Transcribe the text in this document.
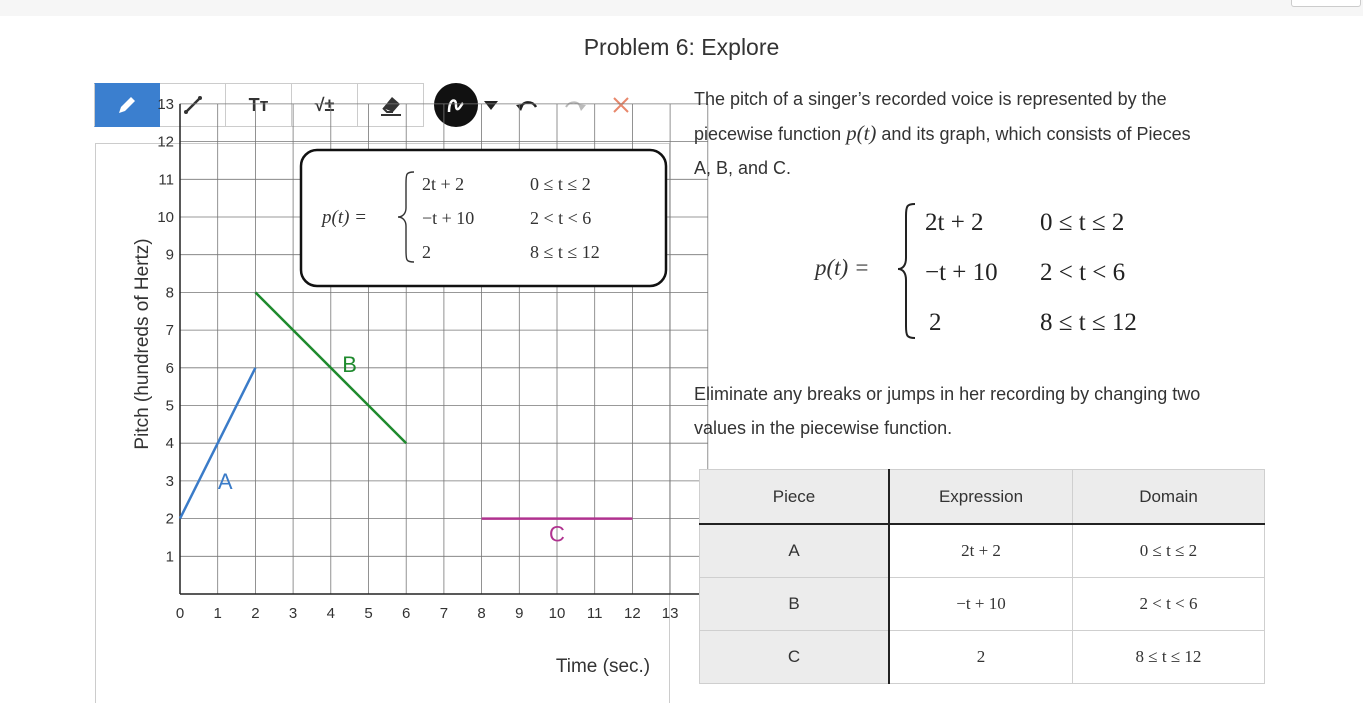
Problem 6: Explore
Tт	√±
0 1 2 3 4 5 6 7 8 9 10 11 12 13
1
2
3
4
5
6
7
8
9
10
11
12
13
A
B
C
Time (sec.)
Pitch (hundreds of Hertz)
p(t) =
2t + 2	0 ≤ t ≤ 2
−t + 10	2 < t < 6
2	8 ≤ t ≤ 12
The pitch of a singer’s recorded voice is represented by the
piecewise function p(t) and its graph, which consists of Pieces
A, B, and C.
p(t) =
2t + 2 0 ≤ t ≤ 2
−t + 10 2 < t < 6
2	8 ≤ t ≤ 12
Eliminate any breaks or jumps in her recording by changing two
values in the piecewise function.
Piece	Expression	Domain
A	2t + 2	0 ≤ t ≤ 2
B	−t + 10	2 < t < 6
C	2	8 ≤ t ≤ 12
